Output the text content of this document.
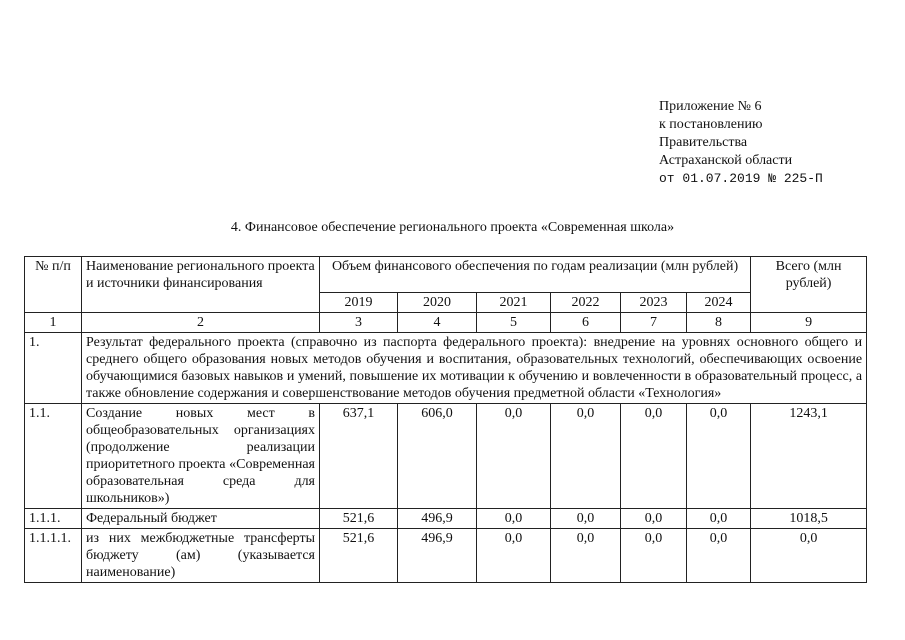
Приложение № 6
к постановлению
Правительства
Астраханской области
от 01.07.2019 № 225-П
4. Финансовое обеспечение регионального проекта «Современная школа»
№ п/п	Наименование регионального проекта и источники финансирования	Объем финансового обеспечения по годам реализации (млн рублей)						Всего (млн рублей)
		2019	2020	2021	2022	2023	2024	
1	2	3	4	5	6	7	8	9
1.	Результат федерального проекта (справочно из паспорта федерального проекта): внедрение на уровнях основного общего и среднего общего образования новых методов обучения и воспитания, образовательных технологий, обеспечивающих освоение обучающимися базовых навыков и умений, повышение их мотивации к обучению и вовлеченности в образовательный процесс, а также обновление содержания и совершенствование методов обучения предметной области «Технология»							
1.1.	Создание новых мест в общеобразовательных организациях (продолжение реализации приоритетного проекта «Современная образовательная среда для школьников»)	637,1	606,0	0,0	0,0	0,0	0,0	1243,1
1.1.1.	Федеральный бюджет	521,6	496,9	0,0	0,0	0,0	0,0	1018,5
1.1.1.1.	из них межбюджетные трансферты бюджету (ам) (указывается наименование)	521,6	496,9	0,0	0,0	0,0	0,0	0,0
